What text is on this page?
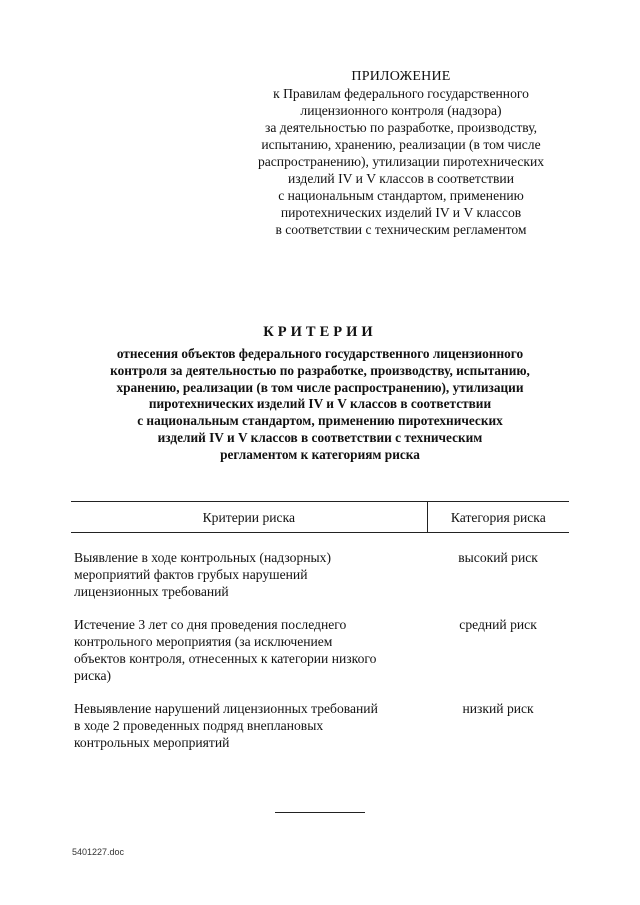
ПРИЛОЖЕНИЕ
к Правилам федерального государственного
лицензионного контроля (надзора)
за деятельностью по разработке, производству,
испытанию, хранению, реализации (в том числе
распространению), утилизации пиротехнических
изделий IV и V классов в соответствии
с национальным стандартом, применению
пиротехнических изделий IV и V классов
в соответствии с техническим регламентом
КРИТЕРИИ
отнесения объектов федерального государственного лицензионного
контроля за деятельностью по разработке, производству, испытанию,
хранению, реализации (в том числе распространению), утилизации
пиротехнических изделий IV и V классов в соответствии
с национальным стандартом, применению пиротехнических
изделий IV и V классов в соответствии с техническим
регламентом к категориям риска
Критерии риска	Категория риска

Выявление в ходе контрольных (надзорных)
мероприятий фактов грубых нарушений
лицензионных требований	высокий риск

Истечение 3 лет со дня проведения последнего
контрольного мероприятия (за исключением
объектов контроля, отнесенных к категории низкого
риска)	средний риск

Невыявление нарушений лицензионных требований
в ходе 2 проведенных подряд внеплановых
контрольных мероприятий	низкий риск
5401227.doc
